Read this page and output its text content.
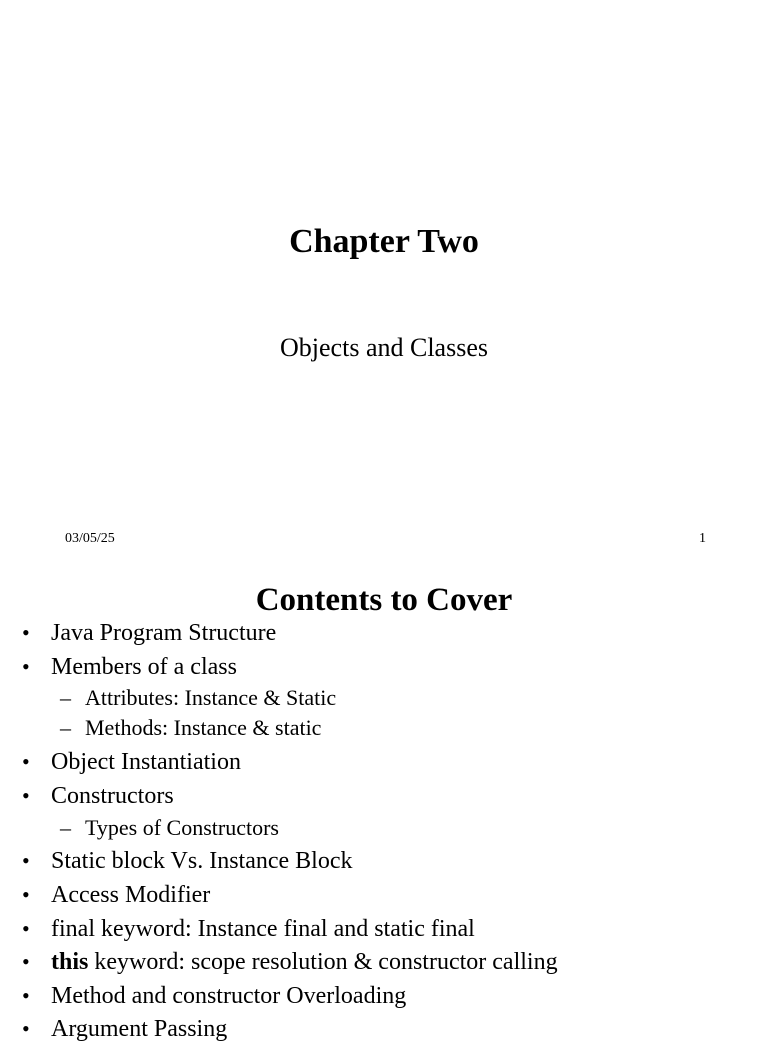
Chapter Two
Objects and Classes
03/05/25	1
Contents to Cover
• Java Program Structure
• Members of a class
– Attributes: Instance & Static
– Methods: Instance & static
• Object Instantiation
• Constructors
– Types of Constructors
• Static block Vs. Instance Block
• Access Modifier
• final keyword: Instance final and static final
• this keyword: scope resolution & constructor calling
• Method and constructor Overloading
• Argument Passing
